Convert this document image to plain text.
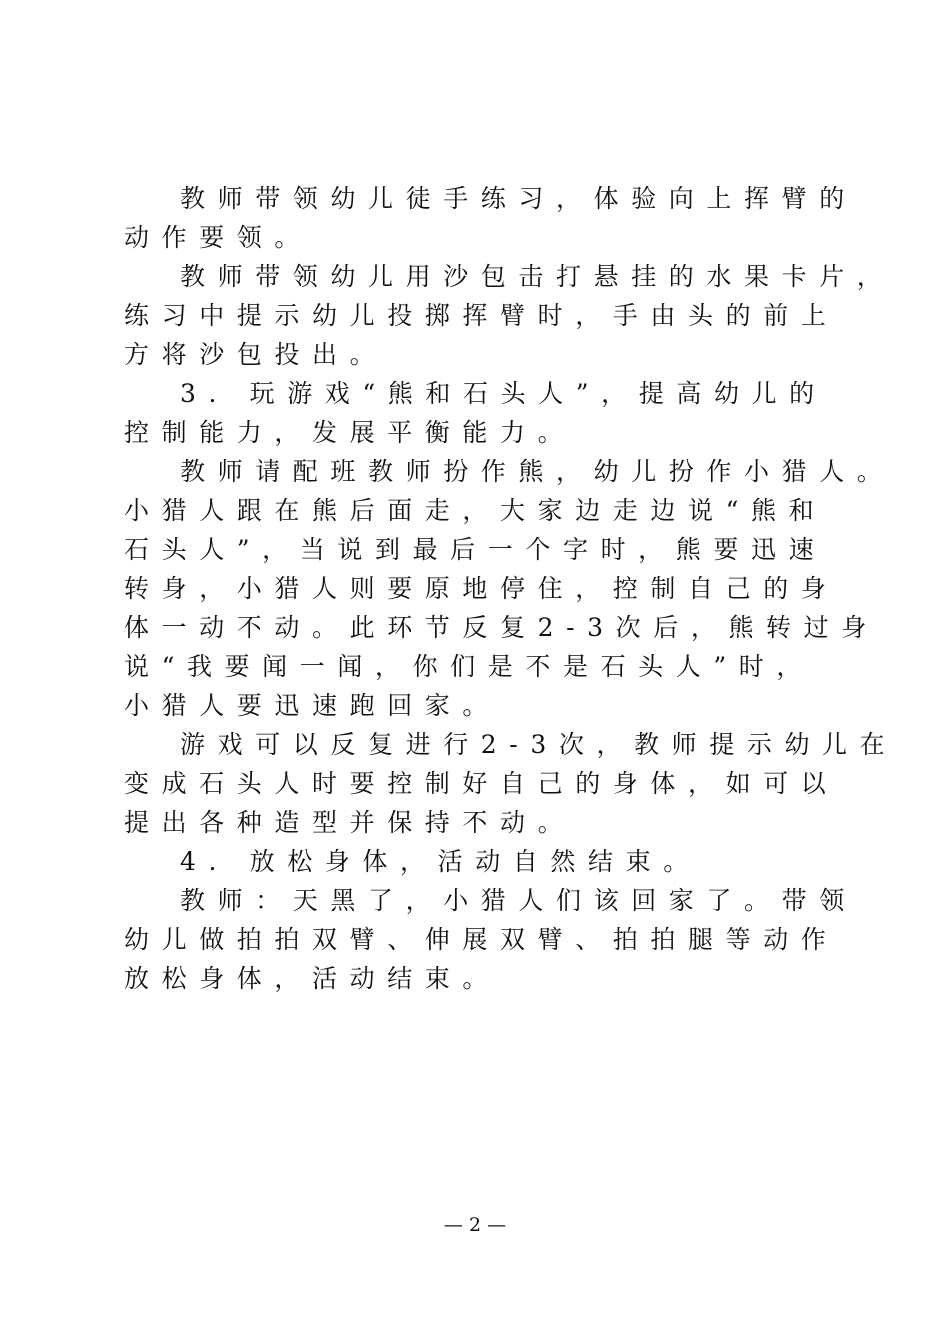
教师带领幼儿徒手练习，体验向上挥臂的
动作要领。
教师带领幼儿用沙包击打悬挂的水果卡片，
练习中提示幼儿投掷挥臂时，手由头的前上
方将沙包投出。
3. 玩游戏“熊和石头人”，提高幼儿的
控制能力，发展平衡能力。
教师请配班教师扮作熊，幼儿扮作小猎人。
小猎人跟在熊后面走，大家边走边说“熊和
石头人”，当说到最后一个字时，熊要迅速
转身，小猎人则要原地停住，控制自己的身
体一动不动。此环节反复2-3次后，熊转过身
说“我要闻一闻，你们是不是石头人”时，
小猎人要迅速跑回家。
游戏可以反复进行2-3次，教师提示幼儿在
变成石头人时要控制好自己的身体，如可以
提出各种造型并保持不动。
4. 放松身体，活动自然结束。
教师：天黑了，小猎人们该回家了。带领
幼儿做拍拍双臂、伸展双臂、拍拍腿等动作
放松身体，活动结束。
— 2 —
